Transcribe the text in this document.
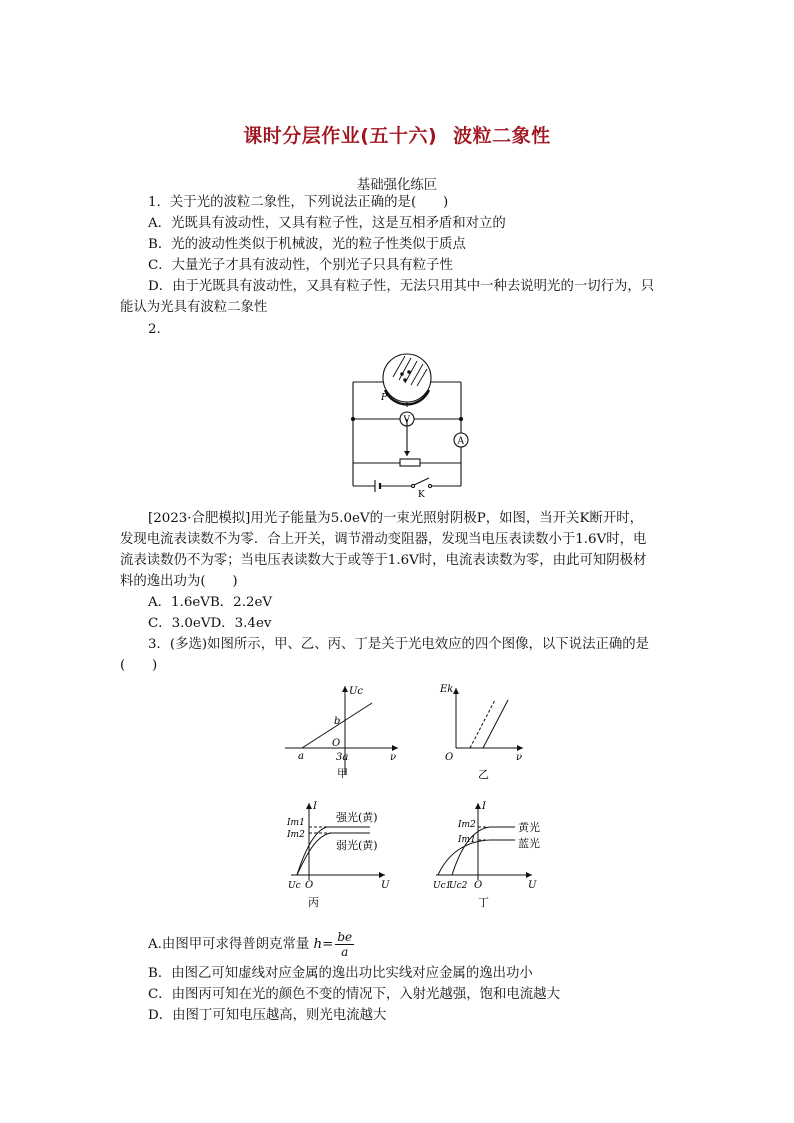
课时分层作业(五十六) 波粒二象性
基础强化练叵
1．关于光的波粒二象性，下列说法正确的是(　　)
A．光既具有波动性，又具有粒子性，这是互相矛盾和对立的
B．光的波动性类似于机械波，光的粒子性类似于质点
C．大量光子才具有波动性，个别光子只具有粒子性
D．由于光既具有波动性，又具有粒子性，无法只用其中一种去说明光的一切行为，只
能认为光具有波粒二象性
2.
P
V
A
K
[2023·合肥模拟]用光子能量为5.0eV的一束光照射阴极P，如图，当开关K断开时，
发现电流表读数不为零．合上开关，调节滑动变阻器，发现当电压表读数小于1.6V时，电
流表读数仍不为零；当电压表读数大于或等于1.6V时，电流表读数为零，由此可知阴极材
料的逸出功为(　　)
A．1.6eVB．2.2eV
C．3.0eVD．3.4ev
3．(多选)如图所示，甲、乙、丙、丁是关于光电效应的四个图像，以下说法正确的是
(　　)
Uc
ν
b
O
a	3a
甲
Ek
ν
O
乙
I
U
Im1
Im2
强光(黄)
弱光(黄)
Uc O
丙
I
U
Im2
Im1
黄光
蓝光
Uc1
Uc2 O
丁
A.由图甲可求得普朗克常量 $h= \frac{be}{a}$
B．由图乙可知虚线对应金属的逸出功比实线对应金属的逸出功小
C．由图丙可知在光的颜色不变的情况下，入射光越强，饱和电流越大
D．由图丁可知电压越高，则光电流越大
